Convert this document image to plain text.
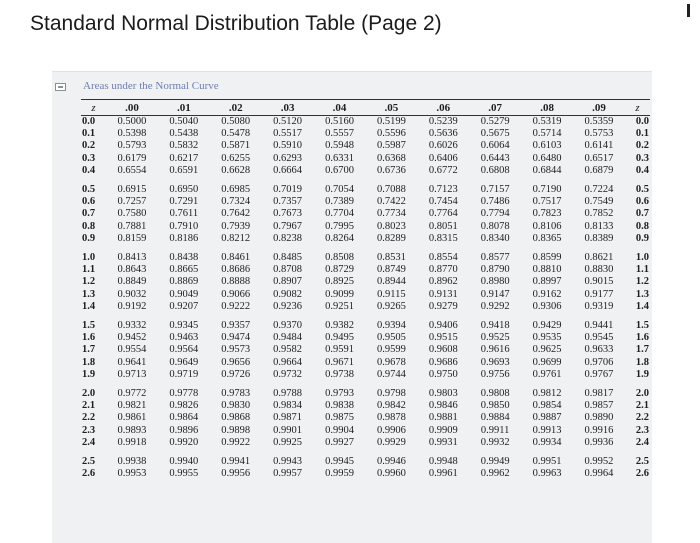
Standard Normal Distribution Table (Page 2)
Areas under the Normal Curve
z	.00	.01	.02	.03	.04	.05	.06	.07	.08	.09	z
0.0	0.5000	0.5040	0.5080	0.5120	0.5160	0.5199	0.5239	0.5279	0.5319	0.5359	0.0
0.1	0.5398	0.5438	0.5478	0.5517	0.5557	0.5596	0.5636	0.5675	0.5714	0.5753	0.1
0.2	0.5793	0.5832	0.5871	0.5910	0.5948	0.5987	0.6026	0.6064	0.6103	0.6141	0.2
0.3	0.6179	0.6217	0.6255	0.6293	0.6331	0.6368	0.6406	0.6443	0.6480	0.6517	0.3
0.4	0.6554	0.6591	0.6628	0.6664	0.6700	0.6736	0.6772	0.6808	0.6844	0.6879	0.4
0.5	0.6915	0.6950	0.6985	0.7019	0.7054	0.7088	0.7123	0.7157	0.7190	0.7224	0.5
0.6	0.7257	0.7291	0.7324	0.7357	0.7389	0.7422	0.7454	0.7486	0.7517	0.7549	0.6
0.7	0.7580	0.7611	0.7642	0.7673	0.7704	0.7734	0.7764	0.7794	0.7823	0.7852	0.7
0.8	0.7881	0.7910	0.7939	0.7967	0.7995	0.8023	0.8051	0.8078	0.8106	0.8133	0.8
0.9	0.8159	0.8186	0.8212	0.8238	0.8264	0.8289	0.8315	0.8340	0.8365	0.8389	0.9
1.0	0.8413	0.8438	0.8461	0.8485	0.8508	0.8531	0.8554	0.8577	0.8599	0.8621	1.0
1.1	0.8643	0.8665	0.8686	0.8708	0.8729	0.8749	0.8770	0.8790	0.8810	0.8830	1.1
1.2	0.8849	0.8869	0.8888	0.8907	0.8925	0.8944	0.8962	0.8980	0.8997	0.9015	1.2
1.3	0.9032	0.9049	0.9066	0.9082	0.9099	0.9115	0.9131	0.9147	0.9162	0.9177	1.3
1.4	0.9192	0.9207	0.9222	0.9236	0.9251	0.9265	0.9279	0.9292	0.9306	0.9319	1.4
1.5	0.9332	0.9345	0.9357	0.9370	0.9382	0.9394	0.9406	0.9418	0.9429	0.9441	1.5
1.6	0.9452	0.9463	0.9474	0.9484	0.9495	0.9505	0.9515	0.9525	0.9535	0.9545	1.6
1.7	0.9554	0.9564	0.9573	0.9582	0.9591	0.9599	0.9608	0.9616	0.9625	0.9633	1.7
1.8	0.9641	0.9649	0.9656	0.9664	0.9671	0.9678	0.9686	0.9693	0.9699	0.9706	1.8
1.9	0.9713	0.9719	0.9726	0.9732	0.9738	0.9744	0.9750	0.9756	0.9761	0.9767	1.9
2.0	0.9772	0.9778	0.9783	0.9788	0.9793	0.9798	0.9803	0.9808	0.9812	0.9817	2.0
2.1	0.9821	0.9826	0.9830	0.9834	0.9838	0.9842	0.9846	0.9850	0.9854	0.9857	2.1
2.2	0.9861	0.9864	0.9868	0.9871	0.9875	0.9878	0.9881	0.9884	0.9887	0.9890	2.2
2.3	0.9893	0.9896	0.9898	0.9901	0.9904	0.9906	0.9909	0.9911	0.9913	0.9916	2.3
2.4	0.9918	0.9920	0.9922	0.9925	0.9927	0.9929	0.9931	0.9932	0.9934	0.9936	2.4
2.5	0.9938	0.9940	0.9941	0.9943	0.9945	0.9946	0.9948	0.9949	0.9951	0.9952	2.5
2.6	0.9953	0.9955	0.9956	0.9957	0.9959	0.9960	0.9961	0.9962	0.9963	0.9964	2.6
